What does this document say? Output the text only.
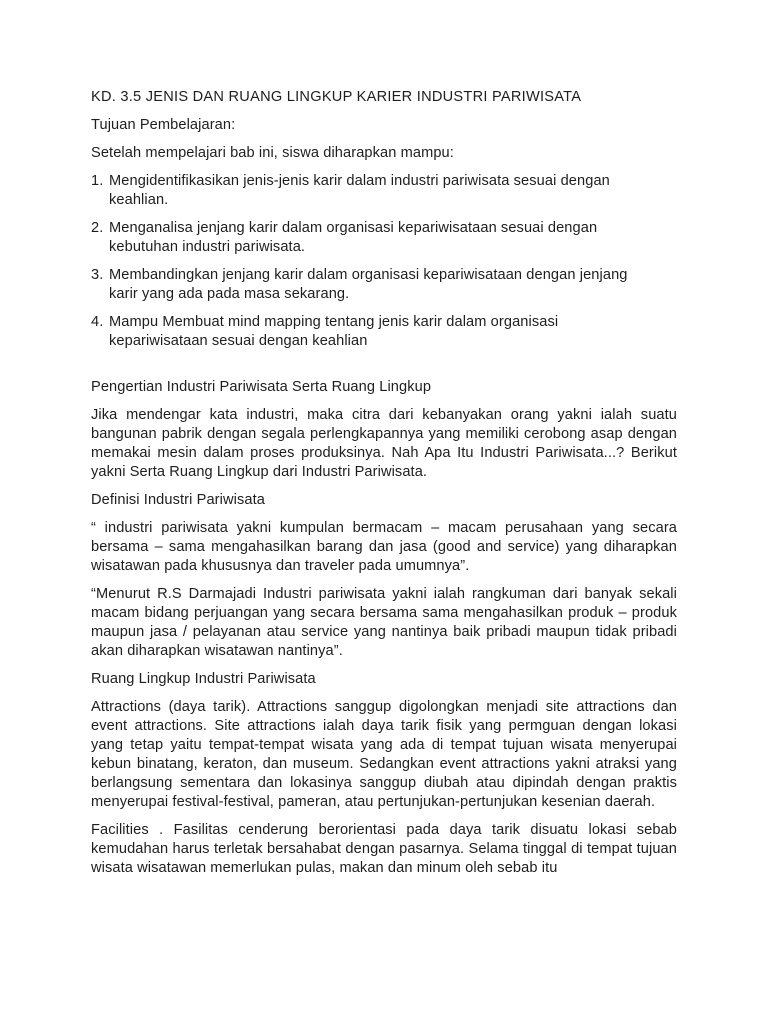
KD. 3.5 JENIS DAN RUANG LINGKUP KARIER INDUSTRI PARIWISATA
Tujuan Pembelajaran:
Setelah mempelajari bab ini, siswa diharapkan mampu:
1. Mengidentifikasikan jenis-jenis karir dalam industri pariwisata sesuai dengan keahlian.
2. Menganalisa jenjang karir dalam organisasi kepariwisataan sesuai dengan kebutuhan industri pariwisata.
3. Membandingkan jenjang karir dalam organisasi kepariwisataan dengan jenjang karir yang ada pada masa sekarang.
4. Mampu Membuat mind mapping tentang jenis karir dalam organisasi kepariwisataan sesuai dengan keahlian
Pengertian Industri Pariwisata Serta Ruang Lingkup
Jika mendengar kata industri, maka citra dari kebanyakan orang yakni ialah suatu bangunan pabrik dengan segala perlengkapannya yang memiliki cerobong asap dengan memakai mesin dalam proses produksinya. Nah Apa Itu Industri Pariwisata...? Berikut yakni Serta Ruang Lingkup dari Industri Pariwisata.
Definisi Industri Pariwisata
“ industri pariwisata yakni kumpulan bermacam – macam perusahaan yang secara bersama – sama mengahasilkan barang dan jasa (good and service) yang diharapkan wisatawan pada khususnya dan traveler pada umumnya”.
“Menurut R.S Darmajadi Industri pariwisata yakni ialah rangkuman dari banyak sekali macam bidang perjuangan yang secara bersama sama mengahasilkan produk – produk maupun jasa / pelayanan atau service yang nantinya baik pribadi maupun tidak pribadi akan diharapkan wisatawan nantinya”.
Ruang Lingkup Industri Pariwisata
Attractions (daya tarik). Attractions sanggup digolongkan menjadi site attractions dan event attractions. Site attractions ialah daya tarik fisik yang permguan dengan lokasi yang tetap yaitu tempat-tempat wisata yang ada di tempat tujuan wisata menyerupai kebun binatang, keraton, dan museum. Sedangkan event attractions yakni atraksi yang berlangsung sementara dan lokasinya sanggup diubah atau dipindah dengan praktis menyerupai festival-festival, pameran, atau pertunjukan-pertunjukan kesenian daerah.
Facilities . Fasilitas cenderung berorientasi pada daya tarik disuatu lokasi sebab kemudahan harus terletak bersahabat dengan pasarnya. Selama tinggal di tempat tujuan wisata wisatawan memerlukan pulas, makan dan minum oleh sebab itu
